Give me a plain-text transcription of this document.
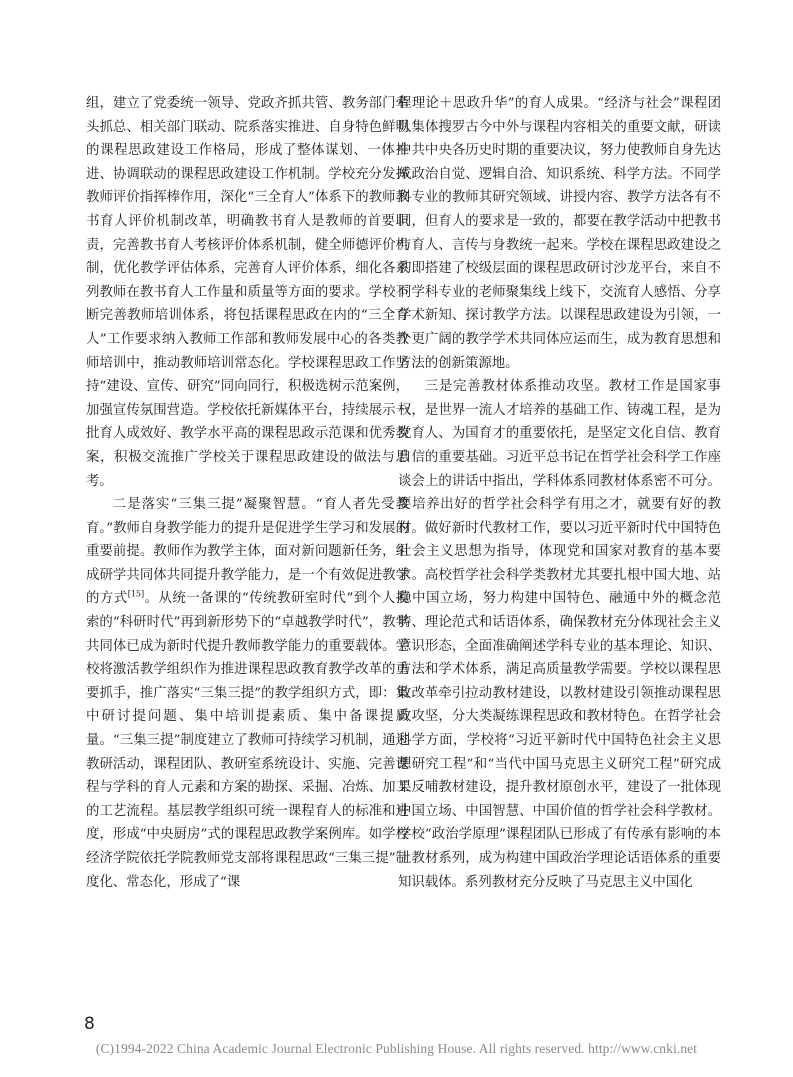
组，建立了党委统一领导、党政齐抓共管、教务部门牵头抓总、相关部门联动、院系落实推进、自身特色鲜明的课程思政建设工作格局，形成了整体谋划、一体推进、协调联动的课程思政建设工作机制。学校充分发挥教师评价指挥棒作用，深化“三全育人”体系下的教师教书育人评价机制改革，明确教书育人是教师的首要职责，完善教书育人考核评价体系机制，健全师德评价机制，优化教学评估体系，完善育人评价体系，细化各系列教师在教书育人工作量和质量等方面的要求。学校不断完善教师培训体系，将包括课程思政在内的“三全育人”工作要求纳入教师工作部和教师发展中心的各类教师培训中，推动教师培训常态化。学校课程思政工作坚持“建设、宣传、研究”同向同行，积极选树示范案例，加强宣传氛围营造。学校依托新媒体平台，持续展示一批育人成效好、教学水平高的课程思政示范课和优秀教案，积极交流推广学校关于课程思政建设的做法与思考。

二是落实“三集三提”凝聚智慧。“育人者先受教育。”教师自身教学能力的提升是促进学生学习和发展的重要前提。教师作为教学主体，面对新问题新任务，组成研学共同体共同提升教学能力，是一个有效促进教学的方式[15]。从统一备课的“传统教研室时代”到个人摸索的“科研时代”再到新形势下的“卓越教学时代”，教学共同体已成为新时代提升教师教学能力的重要载体。学校将激活教学组织作为推进课程思政教育教学改革的重要抓手，推广落实“三集三提”的教学组织方式，即：集中研讨提问题、集中培训提素质、集中备课提质量。“三集三提”制度建立了教师可持续学习机制，通过教研活动，课程团队、教研室系统设计、实施、完善课程与学科的育人元素和方案的勘探、采掘、冶炼、加工的工艺流程。基层教学组织可统一课程育人的标准和进度，形成“中央厨房”式的课程思政教学案例库。如学校经济学院依托学院教师党支部将课程思政“三集三提”制度化、常态化，形成了“课

程理论＋思政升华”的育人成果。“经济与社会”课程团队集体搜罗古今中外与课程内容相关的重要文献，研读中共中央各历史时期的重要决议，努力使教师自身先达成政治自觉、逻辑自洽、知识系统、科学方法。不同学科专业的教师其研究领域、讲授内容、教学方法各有不同，但育人的要求是一致的，都要在教学活动中把教书与育人、言传与身教统一起来。学校在课程思政建设之初即搭建了校级层面的课程思政研讨沙龙平台，来自不同学科专业的老师聚集线上线下，交流育人感悟、分享学术新知、探讨教学方法。以课程思政建设为引领，一个更广阔的教学学术共同体应运而生，成为教育思想和方法的创新策源地。

三是完善教材体系推动攻坚。教材工作是国家事权，是世界一流人才培养的基础工作、铸魂工程，是为党育人、为国育才的重要依托，是坚定文化自信、教育自信的重要基础。习近平总书记在哲学社会科学工作座谈会上的讲话中指出，学科体系同教材体系密不可分。要培养出好的哲学社会科学有用之才，就要有好的教材。做好新时代教材工作，要以习近平新时代中国特色社会主义思想为指导，体现党和国家对教育的基本要求。高校哲学社会科学类教材尤其要扎根中国大地、站稳中国立场，努力构建中国特色、融通中外的概念范畴、理论范式和话语体系，确保教材充分体现社会主义意识形态，全面准确阐述学科专业的基本理论、知识、方法和学术体系，满足高质量教学需要。学校以课程思政改革牵引拉动教材建设，以教材建设引领推动课程思政攻坚，分大类凝练课程思政和教材特色。在哲学社会科学方面，学校将“习近平新时代中国特色社会主义思想研究工程”和“当代中国马克思主义研究工程”研究成果反哺教材建设，提升教材原创水平，建设了一批体现中国立场、中国智慧、中国价值的哲学社会科学教材。学校“政治学原理”课程团队已形成了有传承有影响的本土教材系列，成为构建中国政治学理论话语体系的重要知识载体。系列教材充分反映了马克思主义中国化

8
(C)1994-2022 China Academic Journal Electronic Publishing House. All rights reserved. http://www.cnki.net
